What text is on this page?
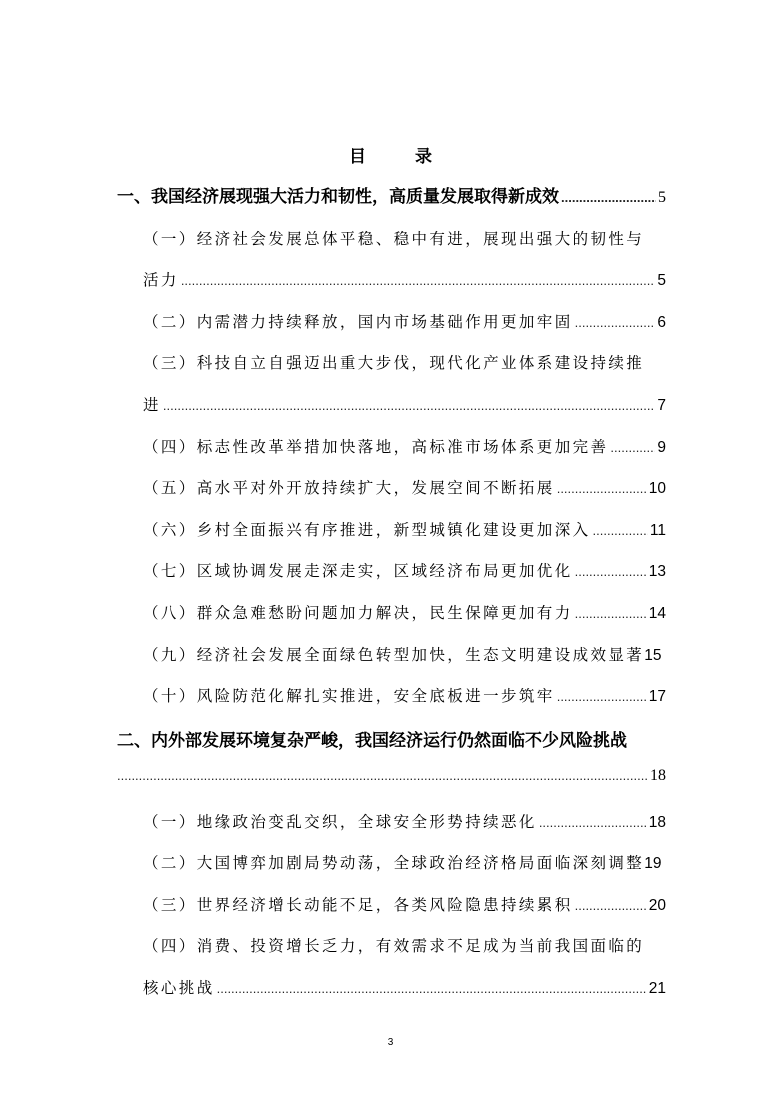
目　录
一、我国经济展现强大活力和韧性，高质量发展取得新成效 .....	5
（一）经济社会发展总体平稳、稳中有进，展现出强大的韧性与
活力 .....	5
（二）内需潜力持续释放，国内市场基础作用更加牢固 .....	6
（三）科技自立自强迈出重大步伐，现代化产业体系建设持续推
进 .....	7
（四）标志性改革举措加快落地，高标准市场体系更加完善 .....	9
（五）高水平对外开放持续扩大，发展空间不断拓展 .....	10
（六）乡村全面振兴有序推进，新型城镇化建设更加深入 .....	11
（七）区域协调发展走深走实，区域经济布局更加优化 .....	13
（八）群众急难愁盼问题加力解决，民生保障更加有力 .....	14
（九）经济社会发展全面绿色转型加快，生态文明建设成效显著 15
（十）风险防范化解扎实推进，安全底板进一步筑牢 .....	17
二、内外部发展环境复杂严峻，我国经济运行仍然面临不少风险挑战
.....
18
（一）地缘政治变乱交织，全球安全形势持续恶化 .....	18
（二）大国博弈加剧局势动荡，全球政治经济格局面临深刻调整 19
（三）世界经济增长动能不足，各类风险隐患持续累积 .....	20
（四）消费、投资增长乏力，有效需求不足成为当前我国面临的
核心挑战 .....	21
3
